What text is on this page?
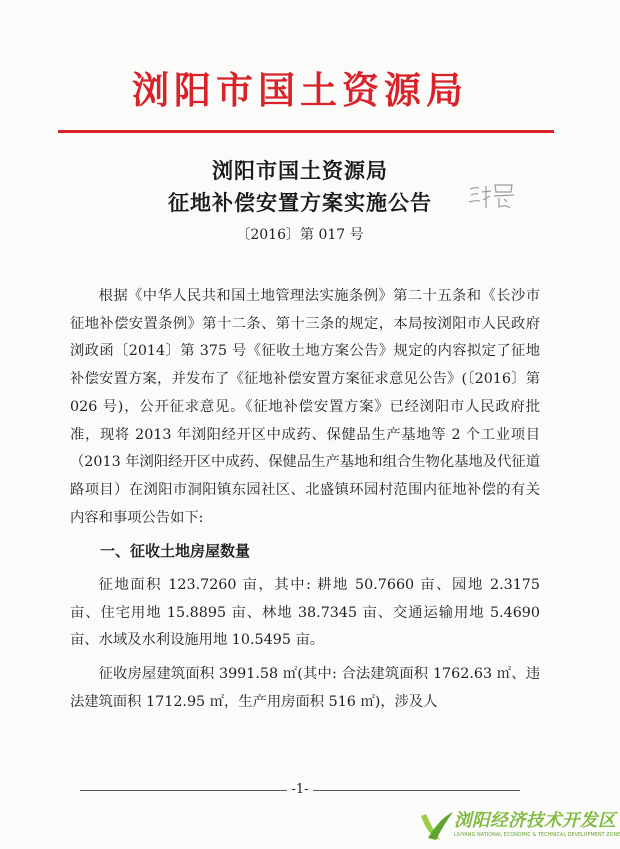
浏阳市国土资源局
浏阳市国土资源局
征地补偿安置方案实施公告
〔2016〕第 017 号

根据《中华人民共和国土地管理法实施条例》第二十五条和《长沙市征地补偿安置条例》第十二条、第十三条的规定，本局按浏阳市人民政府浏政函〔2014〕第 375 号《征收土地方案公告》规定的内容拟定了征地补偿安置方案，并发布了《征地补偿安置方案征求意见公告》(〔2016〕第 026 号)，公开征求意见。《征地补偿安置方案》已经浏阳市人民政府批准，现将 2013 年浏阳经开区中成药、保健品生产基地等 2 个工业项目（2013 年浏阳经开区中成药、保健品生产基地和组合生物化基地及代征道路项目）在浏阳市洞阳镇东园社区、北盛镇环园村范围内征地补偿的有关内容和事项公告如下:

一、征收土地房屋数量

征地面积 123.7260 亩，其中: 耕地 50.7660 亩、园地 2.3175 亩、住宅用地 15.8895 亩、林地 38.7345 亩、交通运输用地 5.4690 亩、水域及水利设施用地 10.5495 亩。

征收房屋建筑面积 3991.58 ㎡(其中: 合法建筑面积 1762.63 ㎡、违法建筑面积 1712.95 ㎡，生产用房面积 516 ㎡)，涉及人

-1-
浏阳经济技术开发区
LIUYANG NATIONAL ECONOMIC & TECHNICAL DEVELOPMENT ZONE
